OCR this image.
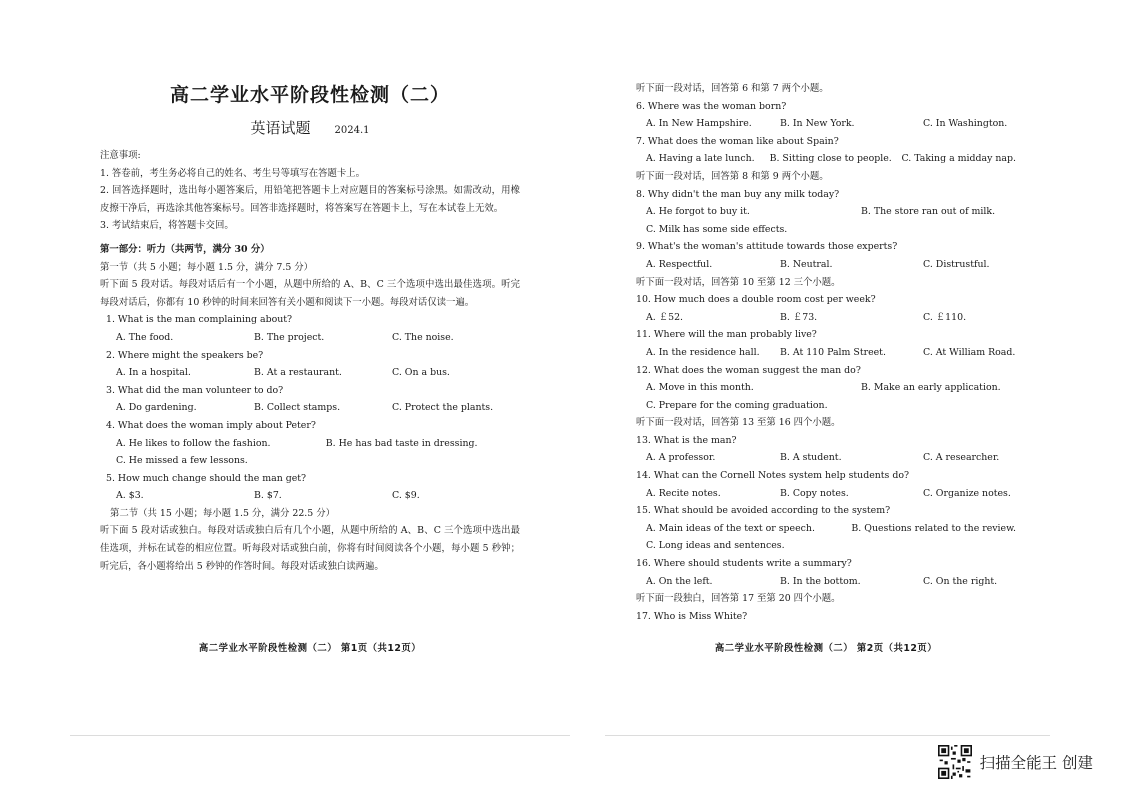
高二学业水平阶段性检测（二）
英语试题 2024.1
注意事项:
1. 答卷前，考生务必将自己的姓名、考生号等填写在答题卡上。
2. 回答选择题时，选出每小题答案后，用铅笔把答题卡上对应题目的答案标号涂黑。如需改动，用橡皮擦干净后，再选涂其他答案标号。回答非选择题时，将答案写在答题卡上，写在本试卷上无效。
3. 考试结束后，将答题卡交回。
第一部分：听力（共两节，满分 30 分）
第一节（共 5 小题；每小题 1.5 分，满分 7.5 分）
听下面 5 段对话。每段对话后有一个小题，从题中所给的 A、B、C 三个选项中选出最佳选项。听完每段对话后，你都有 10 秒钟的时间来回答有关小题和阅读下一小题。每段对话仅读一遍。
1. What is the man complaining about?
A. The food.	B. The project.	C. The noise.
2. Where might the speakers be?
A. In a hospital.	B. At a restaurant.	C. On a bus.
3. What did the man volunteer to do?
A. Do gardening.	B. Collect stamps.	C. Protect the plants.
4. What does the woman imply about Peter?
A. He likes to follow the fashion.	B. He has bad taste in dressing.
C. He missed a few lessons.
5. How much change should the man get?
A. $3.	B. $7.	C. $9.
第二节（共 15 小题；每小题 1.5 分，满分 22.5 分）
听下面 5 段对话或独白。每段对话或独白后有几个小题，从题中所给的 A、B、C 三个选项中选出最佳选项，并标在试卷的相应位置。听每段对话或独白前，你将有时间阅读各个小题，每小题 5 秒钟；听完后，各小题将给出 5 秒钟的作答时间。每段对话或独白读两遍。
高二学业水平阶段性检测（二） 第1页（共12页）
听下面一段对话，回答第 6 和第 7 两个小题。
6. Where was the woman born?
A. In New Hampshire.	B. In New York.	C. In Washington.
7. What does the woman like about Spain?
A. Having a late lunch.	B. Sitting close to people.	C. Taking a midday nap.
听下面一段对话，回答第 8 和第 9 两个小题。
8. Why didn't the man buy any milk today?
A. He forgot to buy it.	B. The store ran out of milk.
C. Milk has some side effects.
9. What's the woman's attitude towards those experts?
A. Respectful.	B. Neutral.	C. Distrustful.
听下面一段对话，回答第 10 至第 12 三个小题。
10. How much does a double room cost per week?
A. ￡52.	B. ￡73.	C. ￡110.
11. Where will the man probably live?
A. In the residence hall.	B. At 110 Palm Street.	C. At William Road.
12. What does the woman suggest the man do?
A. Move in this month.	B. Make an early application.
C. Prepare for the coming graduation.
听下面一段对话，回答第 13 至第 16 四个小题。
13. What is the man?
A. A professor.	B. A student.	C. A researcher.
14. What can the Cornell Notes system help students do?
A. Recite notes.	B. Copy notes.	C. Organize notes.
15. What should be avoided according to the system?
A. Main ideas of the text or speech.	B. Questions related to the review.
C. Long ideas and sentences.
16. Where should students write a summary?
A. On the left.	B. In the bottom.	C. On the right.
听下面一段独白，回答第 17 至第 20 四个小题。
17. Who is Miss White?
高二学业水平阶段性检测（二） 第2页（共12页）
扫描全能王 创建
